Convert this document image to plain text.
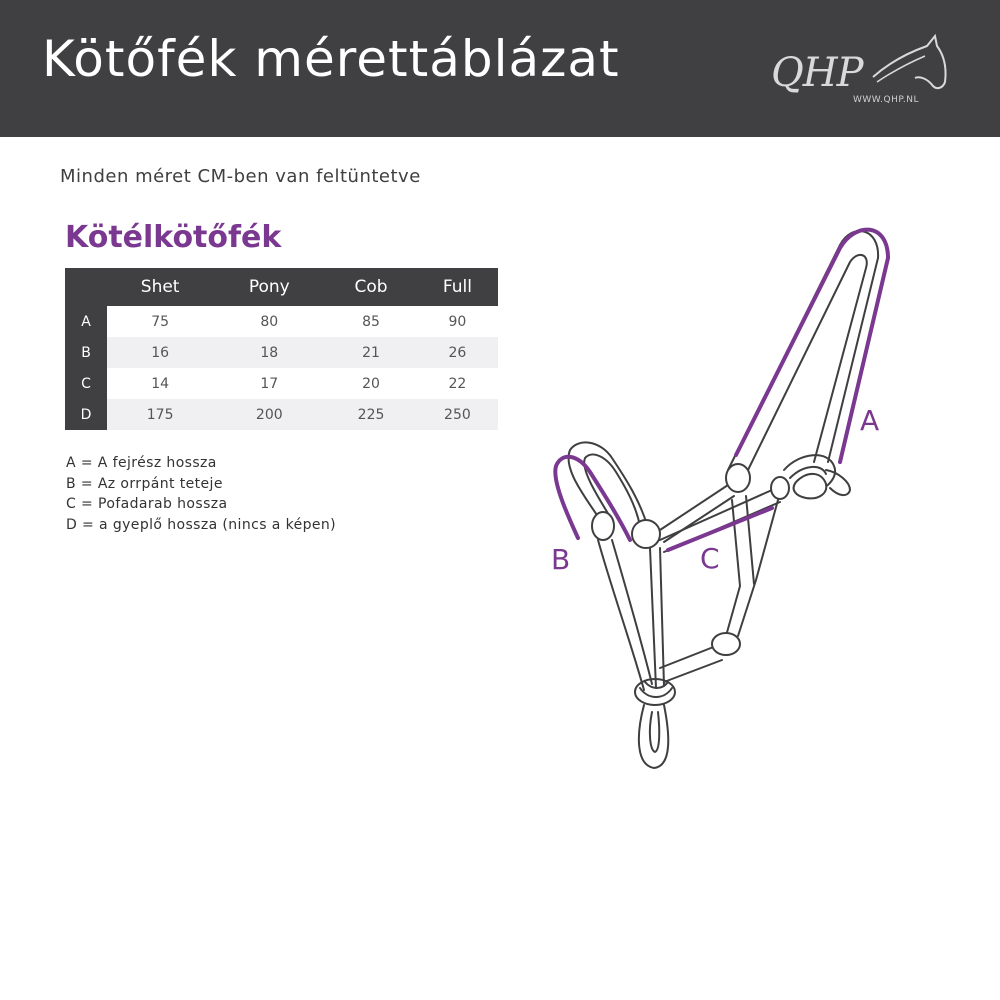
Kötőfék mérettáblázat	QHP
WWW.QHP.NL
Minden méret CM-ben van feltüntetve
Kötélkötőfék
	Shet	Pony	Cob	Full
A	75	80	85	90
B	16	18	21	26
C	14	17	20	22
D	175	200	225	250
A = A fejrész hossza
B = Az orrpánt teteje
C = Pofadarab hossza
D = a gyeplő hossza (nincs a képen)
A
B	C
